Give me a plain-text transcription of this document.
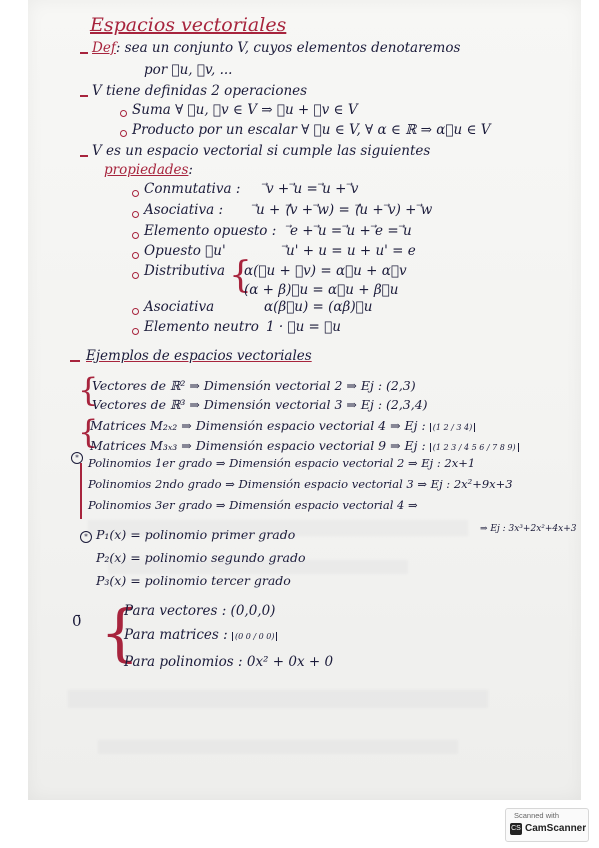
Espacios vectoriales
Def: sea un conjunto V, cuyos elementos denotaremos
por ⃗u, ⃗v, ...
V tiene definidas 2 operaciones
Suma ∀ ⃗u, ⃗v ∈ V ⇒ ⃗u + ⃗v ∈ V
Producto por un escalar ∀ ⃗u ∈ V, ∀ α ∈ ℝ ⇒ α⃗u ∈ V
V es un espacio vectorial si cumple las siguientes
propiedades:
Conmutativa : ⃗v + ⃗u = ⃗u + ⃗v
Asociativa : ⃗u + (⃗v + ⃗w) = (⃗u + ⃗v) + ⃗w
Elemento opuesto : ⃗e + ⃗u = ⃗u + ⃗e = ⃗u
Opuesto ⃗u'	⃗u' + u = u + u' = e
Distributiva {
α(⃗u + ⃗v) = α⃗u + α⃗v
(α + β)⃗u = α⃗u + β⃗u
Asociativa	α(β⃗u) = (αβ)⃗u
Elemento neutro 1 · ⃗u = ⃗u
Ejemplos de espacios vectoriales
{
Vectores de ℝ² ⇒ Dimensión vectorial 2 ⇒ Ej : (2,3)
Vectores de ℝ³ ⇒ Dimensión vectorial 3 ⇒ Ej : (2,3,4)
{
Matrices M₂ₓ₂ ⇒ Dimensión espacio vectorial 4 ⇒ Ej : (1 2 / 3 4)
Matrices M₃ₓ₃ ⇒ Dimensión espacio vectorial 9 ⇒ Ej : (1 2 3 / 4 5 6 / 7 8 9)
* Polinomios 1er grado ⇒ Dimensión espacio vectorial 2 ⇒ Ej : 2x+1
Polinomios 2ndo grado ⇒ Dimensión espacio vectorial 3 ⇒ Ej : 2x²+9x+3
Polinomios 3er grado ⇒ Dimensión espacio vectorial 4 ⇒
⇒ Ej : 3x³+2x²+4x+3
* P₁(x) = polinomio primer grado
P₂(x) = polinomio segundo grado
P₃(x) = polinomio tercer grado
0̄ {
Para vectores : (0,0,0)
Para matrices : (0 0 / 0 0)
Para polinomios : 0x² + 0x + 0
Scanned with
CS CamScanner
